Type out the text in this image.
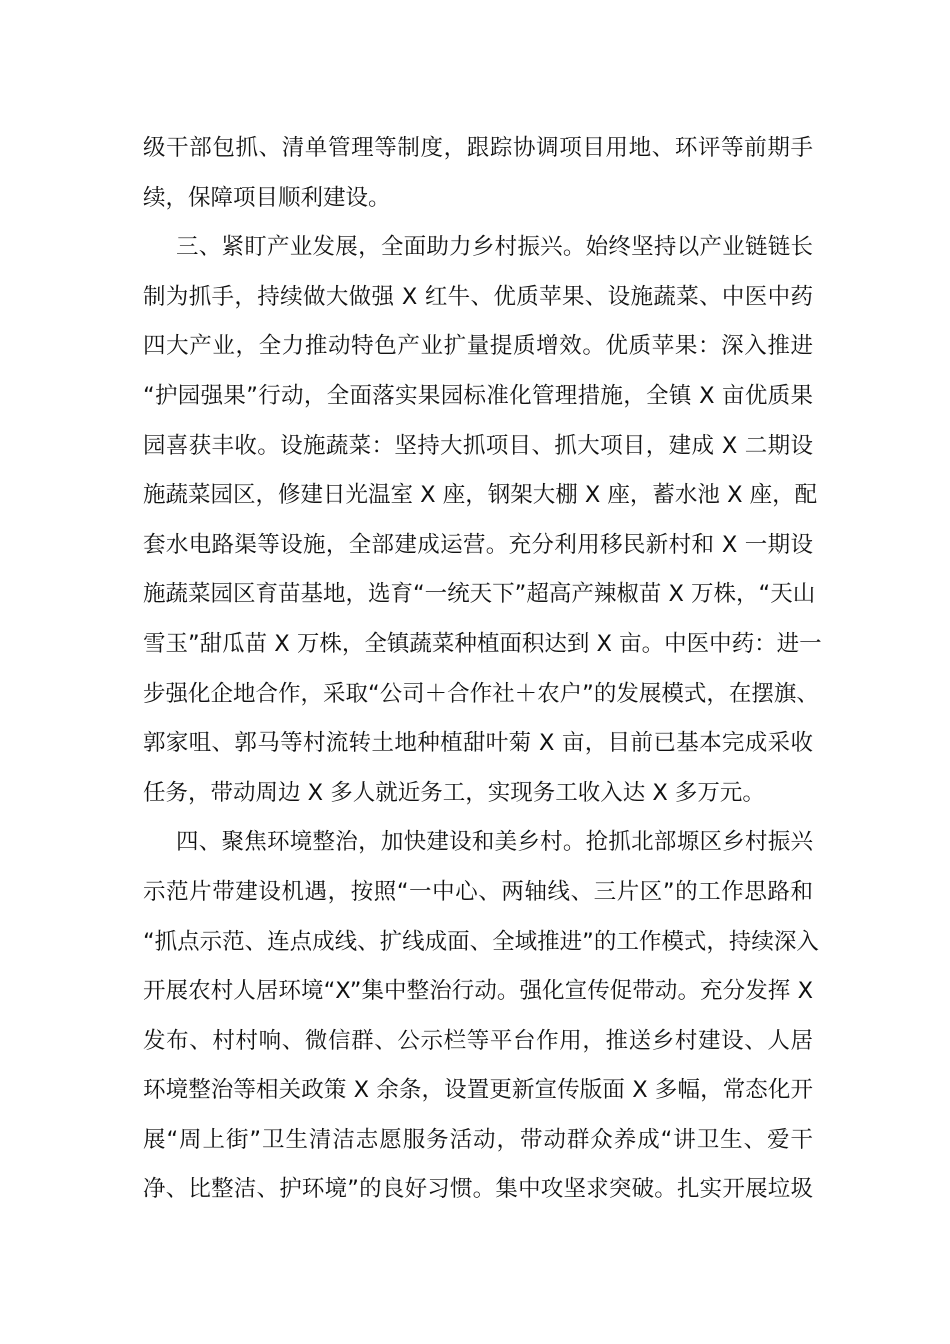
级干部包抓、清单管理等制度，跟踪协调项目用地、环评等前期手
续，保障项目顺利建设。
三、紧盯产业发展，全面助力乡村振兴。始终坚持以产业链链长
制为抓手，持续做大做强 X 红牛、优质苹果、设施蔬菜、中医中药
四大产业，全力推动特色产业扩量提质增效。优质苹果：深入推进
“护园强果”行动，全面落实果园标准化管理措施，全镇 X 亩优质果
园喜获丰收。设施蔬菜：坚持大抓项目、抓大项目，建成 X 二期设
施蔬菜园区，修建日光温室 X 座，钢架大棚 X 座，蓄水池 X 座，配
套水电路渠等设施，全部建成运营。充分利用移民新村和 X 一期设
施蔬菜园区育苗基地，选育“一统天下”超高产辣椒苗 X 万株，“天山
雪玉”甜瓜苗 X 万株，全镇蔬菜种植面积达到 X 亩。中医中药：进一
步强化企地合作，采取“公司＋合作社＋农户”的发展模式，在摆旗、
郭家咀、郭马等村流转土地种植甜叶菊 X 亩，目前已基本完成采收
任务，带动周边 X 多人就近务工，实现务工收入达 X 多万元。
四、聚焦环境整治，加快建设和美乡村。抢抓北部塬区乡村振兴
示范片带建设机遇，按照“一中心、两轴线、三片区”的工作思路和
“抓点示范、连点成线、扩线成面、全域推进”的工作模式，持续深入
开展农村人居环境“X”集中整治行动。强化宣传促带动。充分发挥 X
发布、村村响、微信群、公示栏等平台作用，推送乡村建设、人居
环境整治等相关政策 X 余条，设置更新宣传版面 X 多幅，常态化开
展“周上街”卫生清洁志愿服务活动，带动群众养成“讲卫生、爱干
净、比整洁、护环境”的良好习惯。集中攻坚求突破。扎实开展垃圾
